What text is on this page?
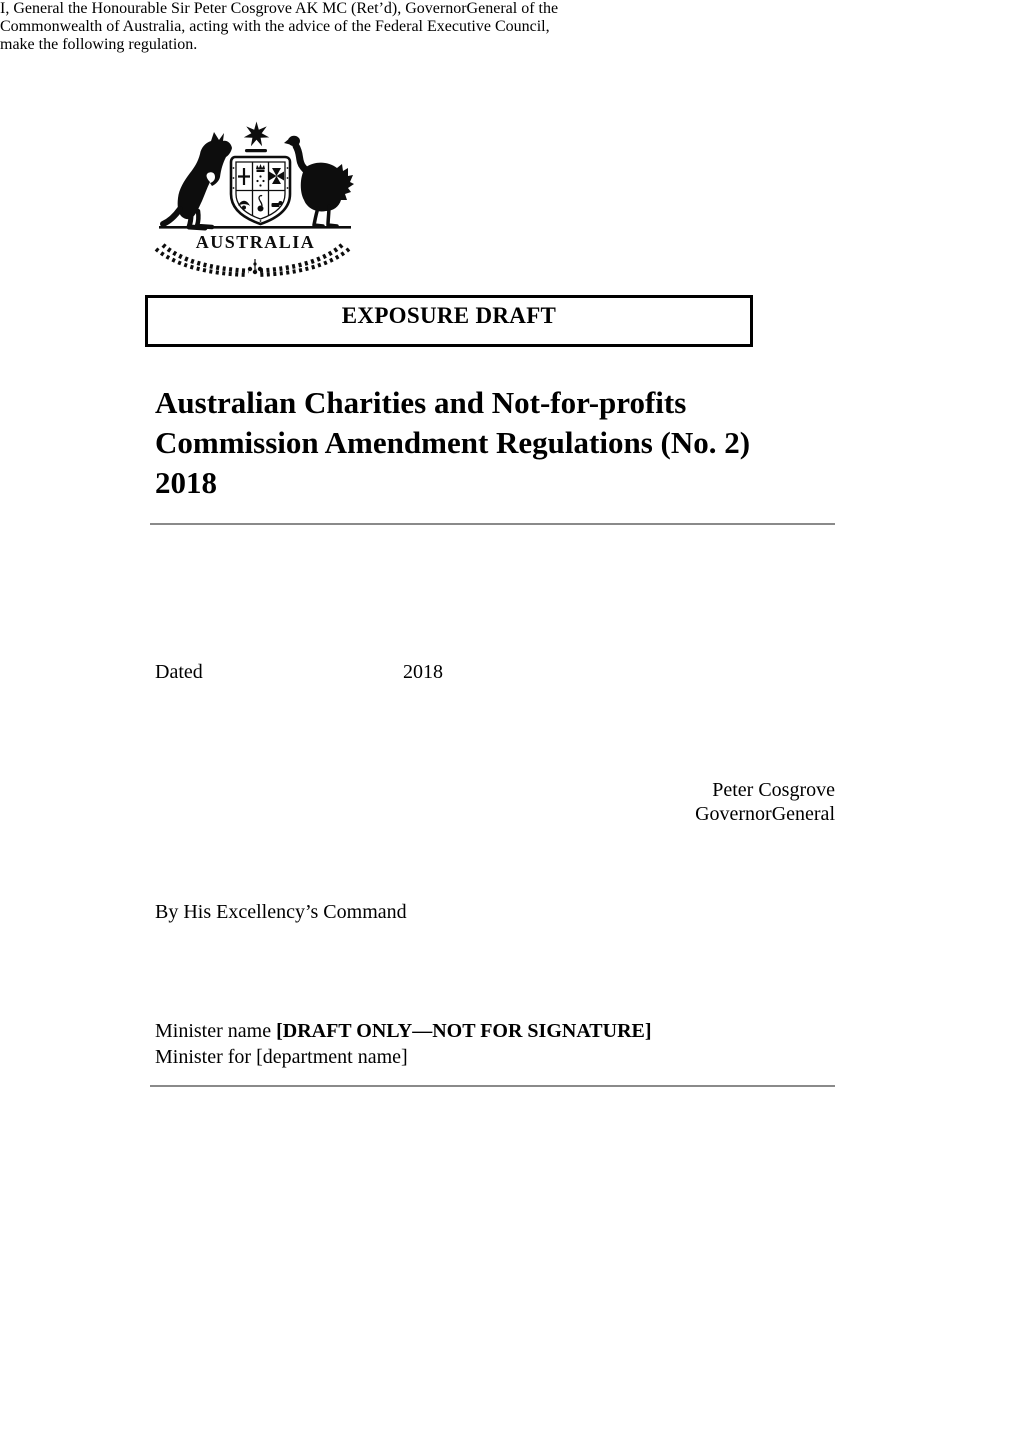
AUSTRALIA
EXPOSURE DRAFT
Australian Charities and Not-for-profits
Commission Amendment Regulations (No. 2)
2018

I, General the Honourable Sir Peter Cosgrove AK MC (Ret’d), GovernorGeneral of the
Commonwealth of Australia, acting with the advice of the Federal Executive Council,
make the following regulation.

Dated	2018
Peter Cosgrove
GovernorGeneral

By His Excellency’s Command

Minister name [DRAFT ONLY—NOT FOR SIGNATURE]
Minister for [department name]
